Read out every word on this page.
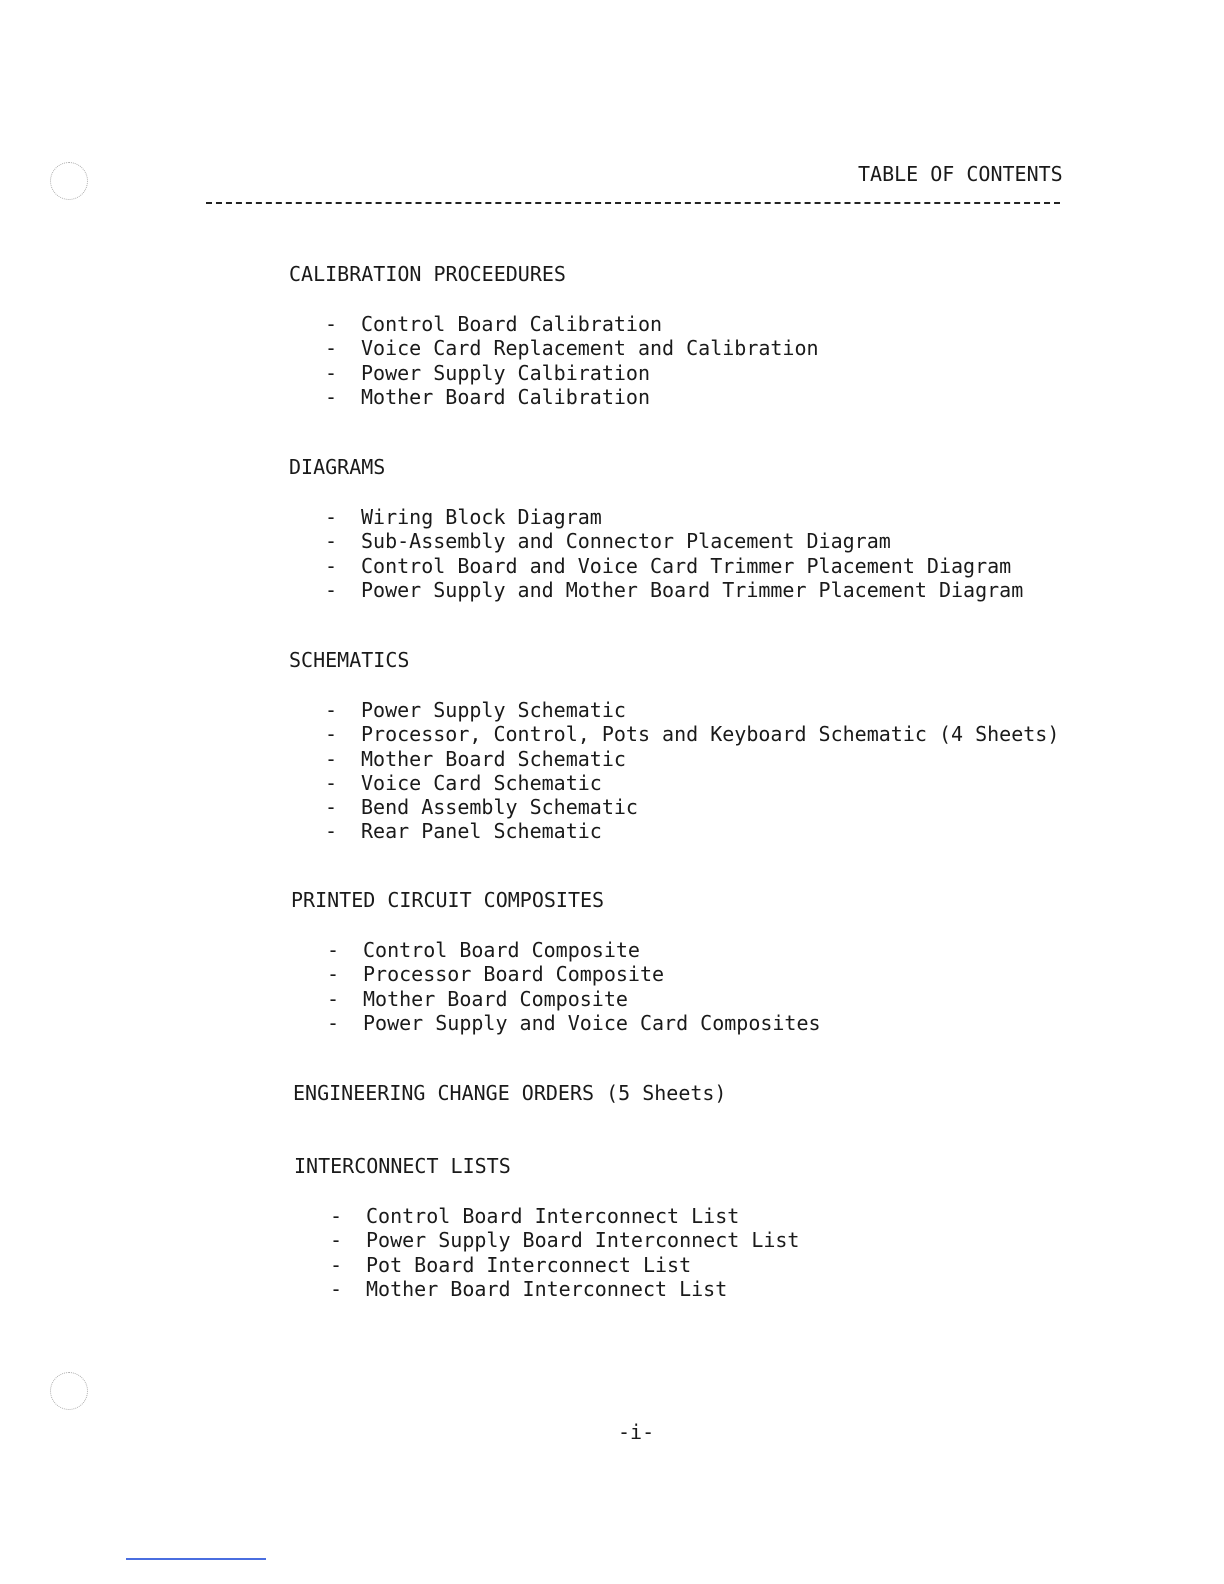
TABLE OF CONTENTS
CALIBRATION PROCEEDURES
-	Control Board Calibration
-	Voice Card Replacement and Calibration
-	Power Supply Calbiration
-	Mother Board Calibration
DIAGRAMS
-	Wiring Block Diagram
-	Sub-Assembly and Connector Placement Diagram
-	Control Board and Voice Card Trimmer Placement Diagram
-	Power Supply and Mother Board Trimmer Placement Diagram
SCHEMATICS
-	Power Supply Schematic
-	Processor, Control, Pots and Keyboard Schematic (4 Sheets)
-	Mother Board Schematic
-	Voice Card Schematic
-	Bend Assembly Schematic
-	Rear Panel Schematic
PRINTED CIRCUIT COMPOSITES
-	Control Board Composite
-	Processor Board Composite
-	Mother Board Composite
-	Power Supply and Voice Card Composites
ENGINEERING CHANGE ORDERS (5 Sheets)
INTERCONNECT LISTS
-	Control Board Interconnect List
-	Power Supply Board Interconnect List
-	Pot Board Interconnect List
-	Mother Board Interconnect List
-i-
